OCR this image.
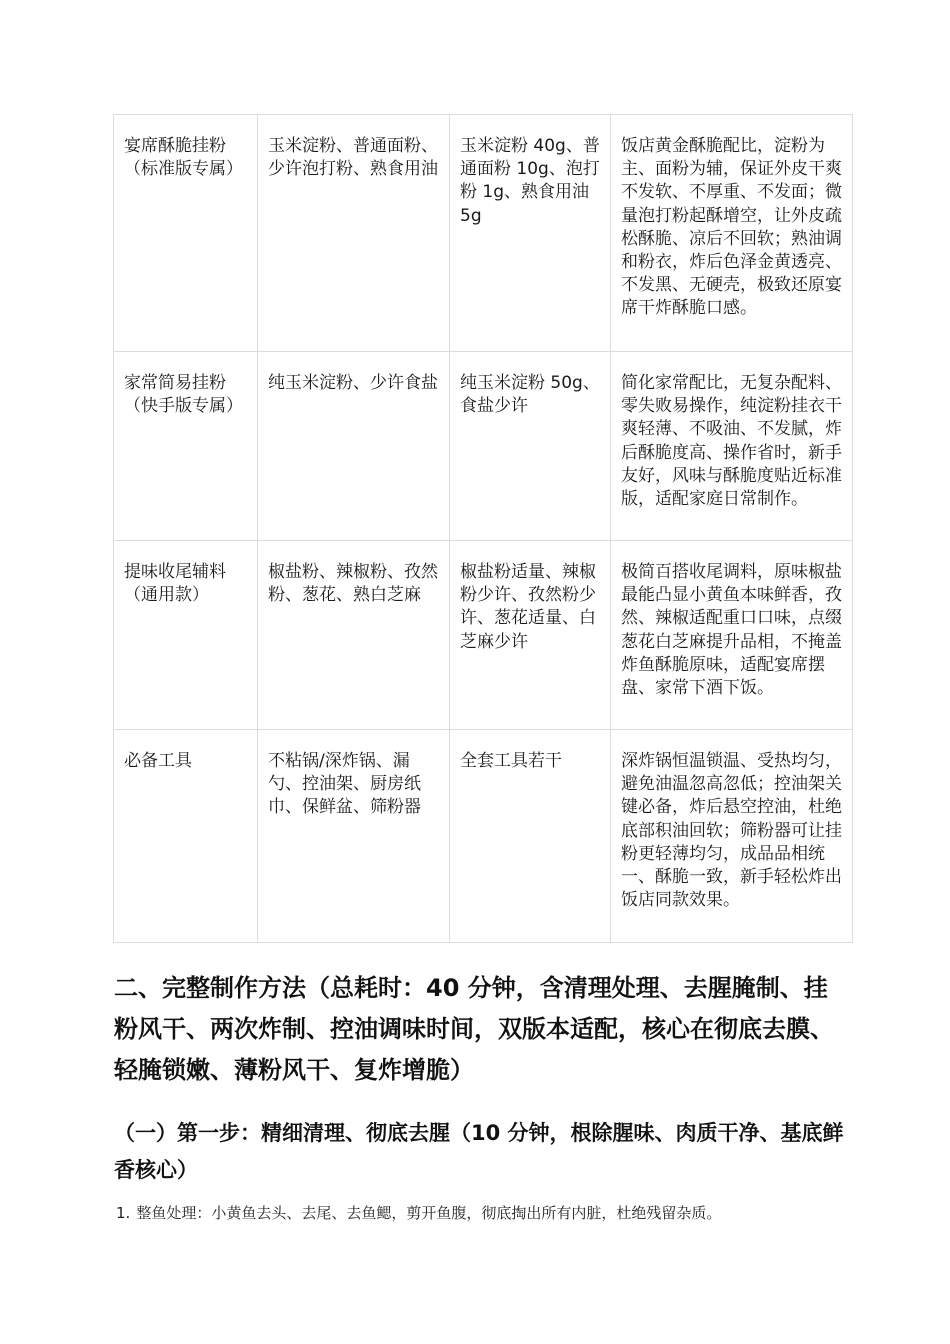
宴席酥脆挂粉（标准版专属）	玉米淀粉、普通面粉、少许泡打粉、熟食用油	玉米淀粉 40g、普通面粉 10g、泡打粉 1g、熟食用油 5g	饭店黄金酥脆配比，淀粉为主、面粉为辅，保证外皮干爽不发软、不厚重、不发面；微量泡打粉起酥增空，让外皮疏松酥脆、凉后不回软；熟油调和粉衣，炸后色泽金黄透亮、不发黑、无硬壳，极致还原宴席干炸酥脆口感。
家常简易挂粉（快手版专属）	纯玉米淀粉、少许食盐	纯玉米淀粉 50g、食盐少许	简化家常配比，无复杂配料、零失败易操作，纯淀粉挂衣干爽轻薄、不吸油、不发腻，炸后酥脆度高、操作省时，新手友好，风味与酥脆度贴近标准版，适配家庭日常制作。
提味收尾辅料（通用款）	椒盐粉、辣椒粉、孜然粉、葱花、熟白芝麻	椒盐粉适量、辣椒粉少许、孜然粉少许、葱花适量、白芝麻少许	极简百搭收尾调料，原味椒盐最能凸显小黄鱼本味鲜香，孜然、辣椒适配重口口味，点缀葱花白芝麻提升品相，不掩盖炸鱼酥脆原味，适配宴席摆盘、家常下酒下饭。
必备工具	不粘锅/深炸锅、漏勺、控油架、厨房纸巾、保鲜盆、筛粉器	全套工具若干	深炸锅恒温锁温、受热均匀，避免油温忽高忽低；控油架关键必备，炸后悬空控油，杜绝底部积油回软；筛粉器可让挂粉更轻薄均匀，成品品相统一、酥脆一致，新手轻松炸出饭店同款效果。
二、完整制作方法（总耗时：40 分钟，含清理处理、去腥腌制、挂粉风干、两次炸制、控油调味时间，双版本适配，核心在彻底去膜、轻腌锁嫩、薄粉风干、复炸增脆）
（一）第一步：精细清理、彻底去腥（10 分钟，根除腥味、肉质干净、基底鲜香核心）
1. 整鱼处理：小黄鱼去头、去尾、去鱼鳃，剪开鱼腹，彻底掏出所有内脏，杜绝残留杂质。
